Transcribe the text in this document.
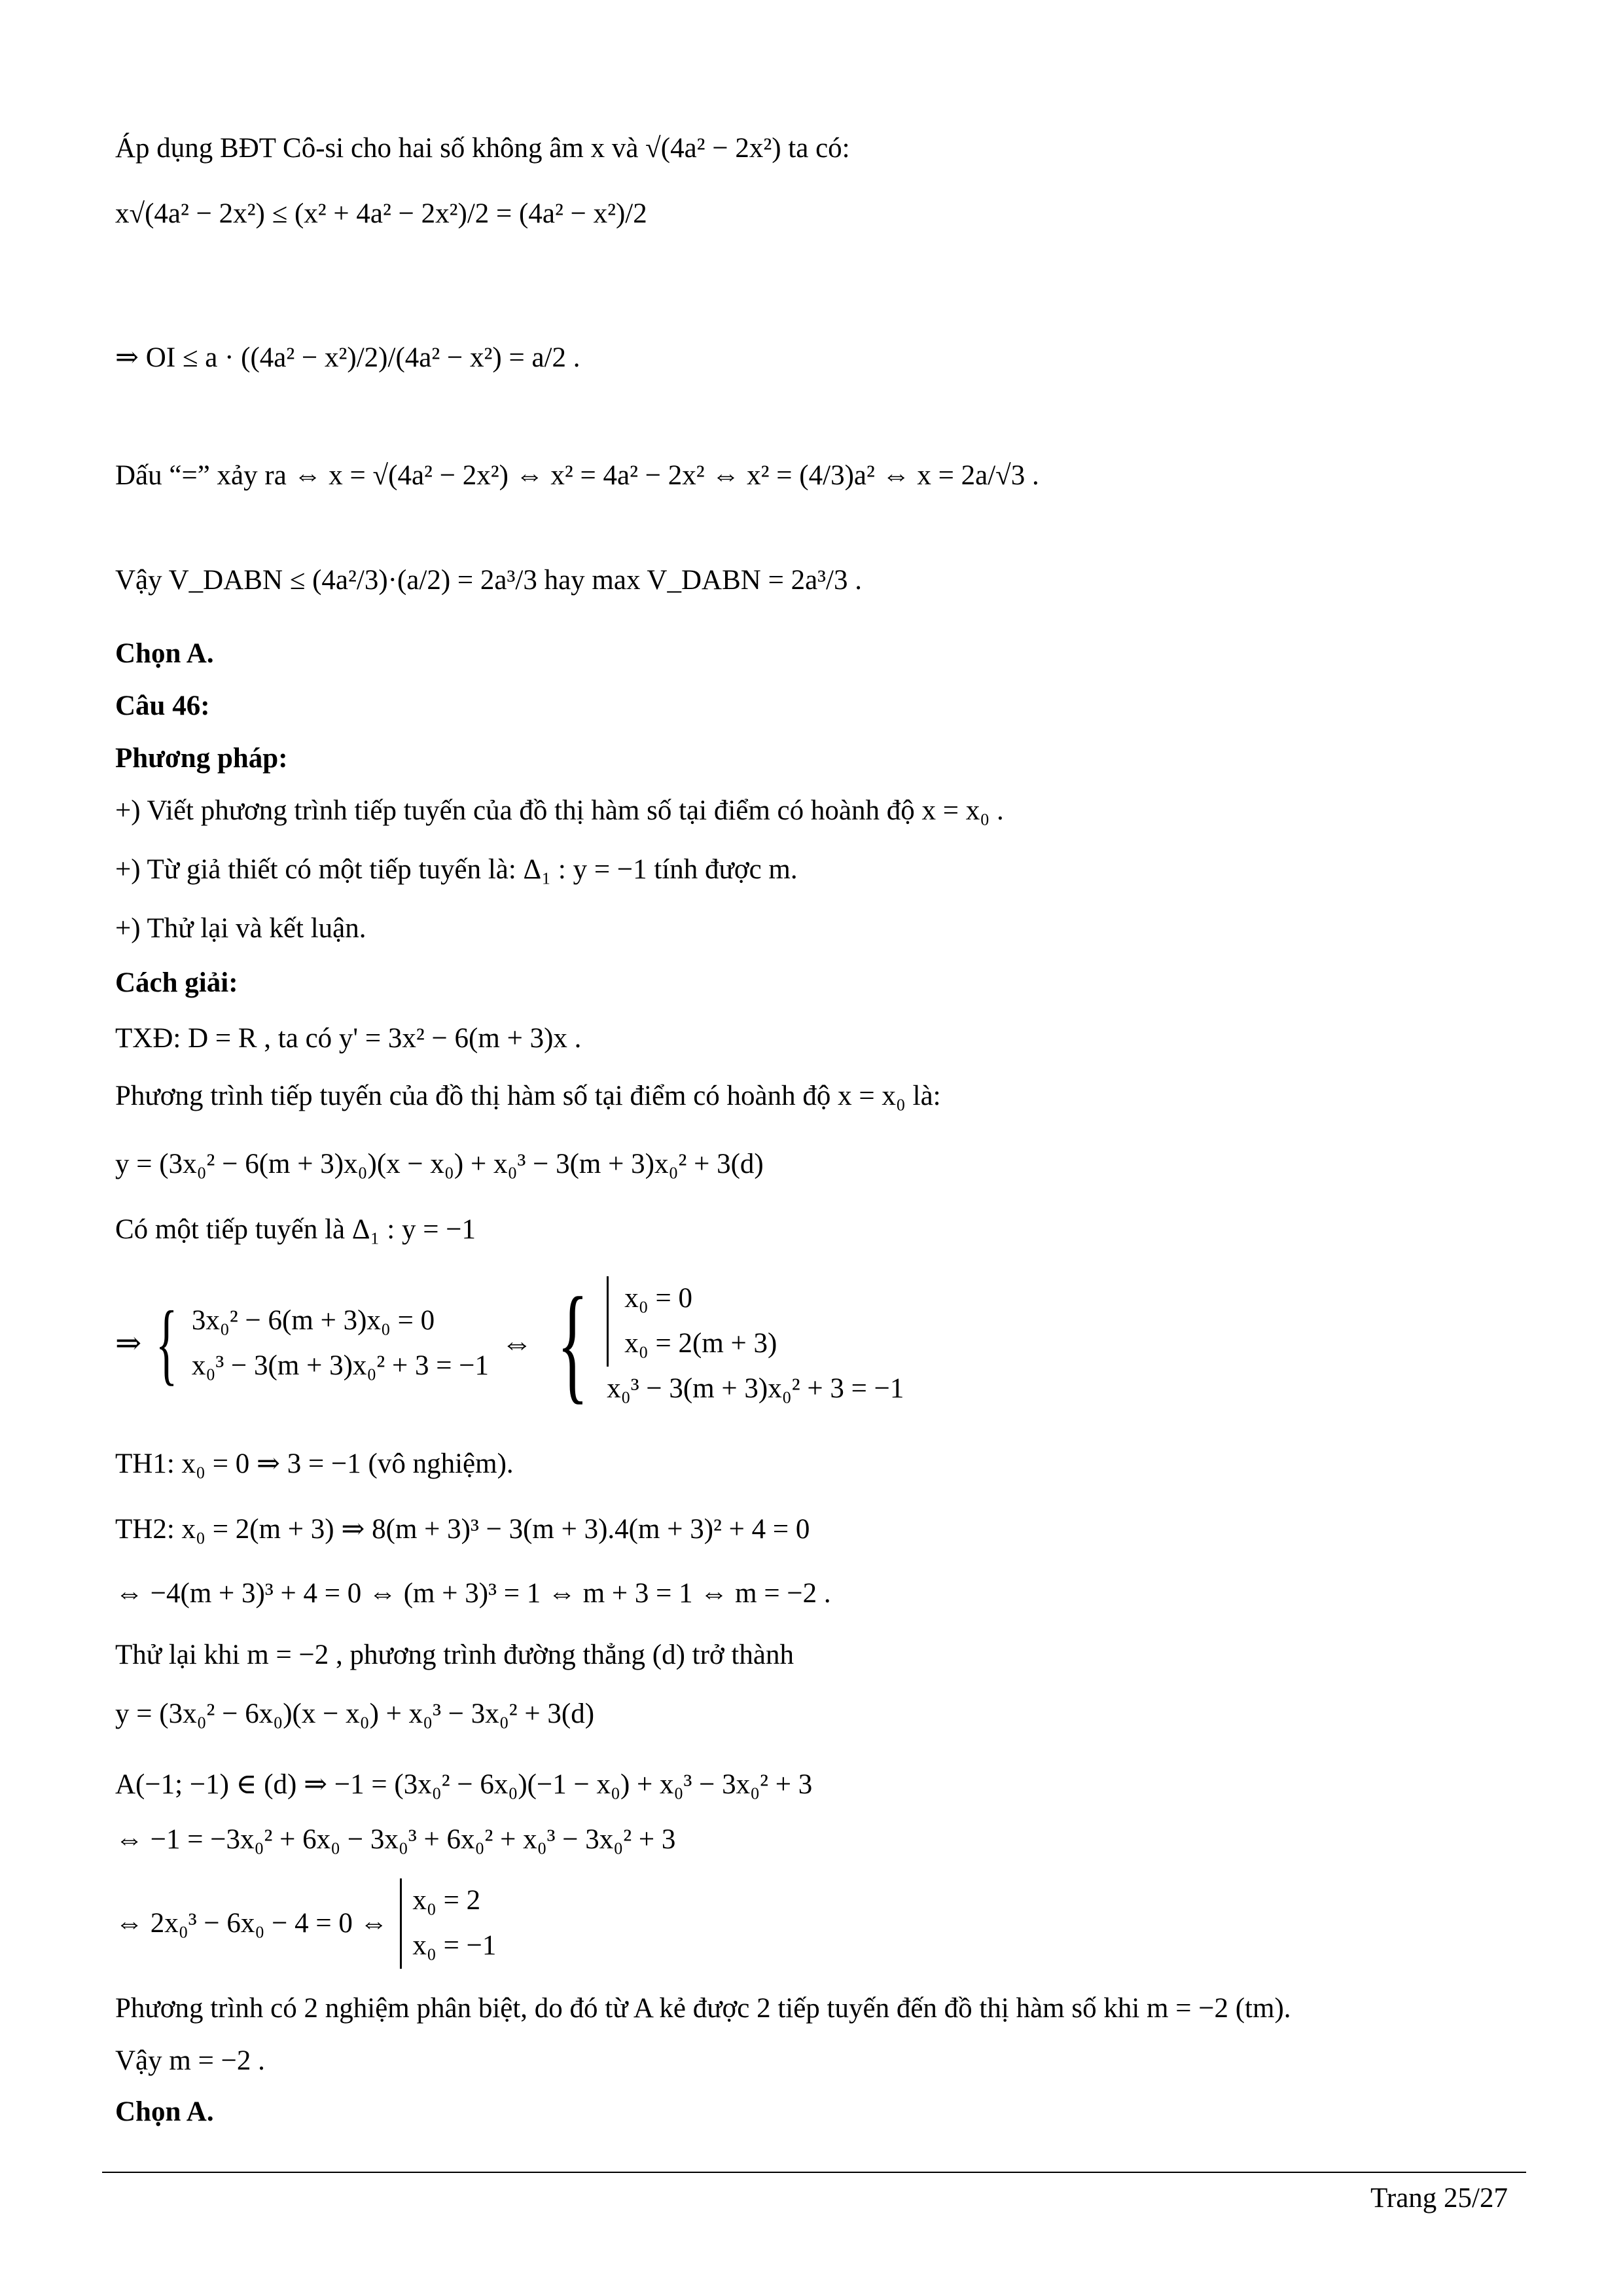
Áp dụng BĐT Cô-si cho hai số không âm x và √(4a² − 2x²) ta có:
x√(4a² − 2x²) ≤ (x² + 4a² − 2x²)/2 = (4a² − x²)/2
⇒ OI ≤ a · ((4a² − x²)/2)/(4a² − x²) = a/2 .
Dấu “=” xảy ra ⇔ x = √(4a² − 2x²) ⇔ x² = 4a² − 2x² ⇔ x² = (4/3)a² ⇔ x = 2a/√3 .
Vậy V_DABN ≤ (4a²/3)·(a/2) = 2a³/3 hay max V_DABN = 2a³/3 .
Chọn A.
Câu 46:
Phương pháp:
+) Viết phương trình tiếp tuyến của đồ thị hàm số tại điểm có hoành độ x = x₀ .
+) Từ giả thiết có một tiếp tuyến là: Δ₁ : y = −1 tính được m.
+) Thử lại và kết luận.
Cách giải:
TXĐ: D = R , ta có y' = 3x² − 6(m + 3)x .
Phương trình tiếp tuyến của đồ thị hàm số tại điểm có hoành độ x = x₀ là:
y = (3x₀² − 6(m + 3)x₀)(x − x₀) + x₀³ − 3(m + 3)x₀² + 3(d)
Có một tiếp tuyến là Δ₁ : y = −1
⇒ { 3x₀² − 6(m + 3)x₀ = 0
x₀³ − 3(m + 3)x₀² + 3 = −1
⇔ {	x₀ = 0
x₀ = 2(m + 3)
x₀³ − 3(m + 3)x₀² + 3 = −1
TH1: x₀ = 0 ⇒ 3 = −1 (vô nghiệm).
TH2: x₀ = 2(m + 3) ⇒ 8(m + 3)³ − 3(m + 3).4(m + 3)² + 4 = 0
⇔ −4(m + 3)³ + 4 = 0 ⇔ (m + 3)³ = 1 ⇔ m + 3 = 1 ⇔ m = −2 .
Thử lại khi m = −2 , phương trình đường thẳng (d) trở thành
y = (3x₀² − 6x₀)(x − x₀) + x₀³ − 3x₀² + 3(d)
A(−1; −1) ∈ (d) ⇒ −1 = (3x₀² − 6x₀)(−1 − x₀) + x₀³ − 3x₀² + 3
⇔ −1 = −3x₀² + 6x₀ − 3x₀³ + 6x₀² + x₀³ − 3x₀² + 3
⇔ 2x₀³ − 6x₀ − 4 = 0 ⇔
x₀ = 2
x₀ = −1
Phương trình có 2 nghiệm phân biệt, do đó từ A kẻ được 2 tiếp tuyến đến đồ thị hàm số khi m = −2 (tm).
Vậy m = −2 .
Chọn A.
Trang 25/27
